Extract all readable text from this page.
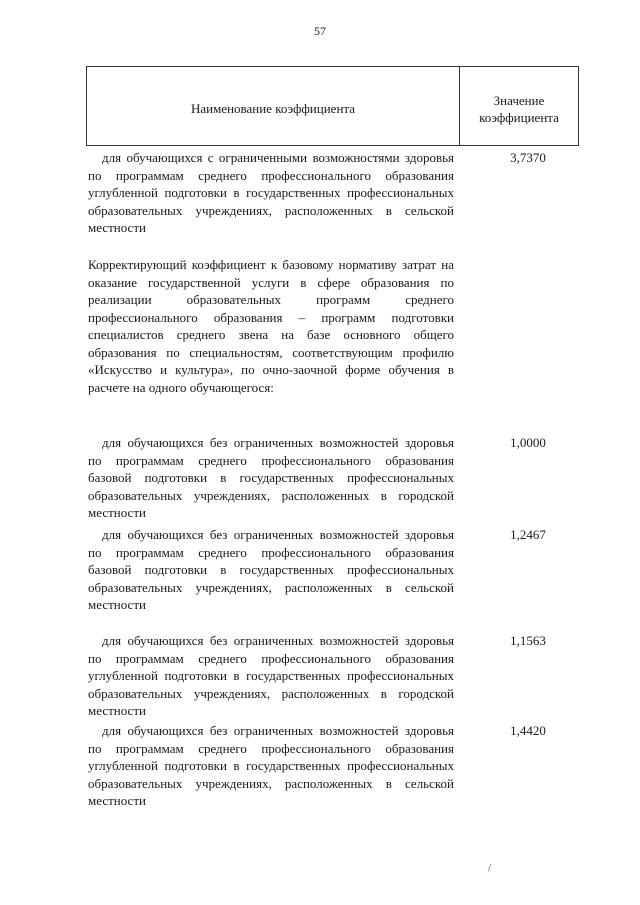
57
Наименование коэффициента
Значение
коэффициента
для обучающихся с ограниченными возможностями здоровья по программам среднего профессионального образования углубленной подготовки в государственных профессиональных образовательных учреждениях, расположенных в сельской местности
3,7370
Корректирующий коэффициент к базовому нормативу затрат на оказание государственной услуги в сфере образования по реализации образовательных программ среднего профессионального образования – программ подготовки специалистов среднего звена на базе основного общего образования по специальностям, соответствующим профилю «Искусство и культура», по очно-заочной форме обучения в расчете на одного обучающегося:
для обучающихся без ограниченных возможностей здоровья по программам среднего профессионального образования базовой подготовки в государственных профессиональных образовательных учреждениях, расположенных в городской местности
1,0000
для обучающихся без ограниченных возможностей здоровья по программам среднего профессионального образования базовой подготовки в государственных профессиональных образовательных учреждениях, расположенных в сельской местности
1,2467
для обучающихся без ограниченных возможностей здоровья по программам среднего профессионального образования углубленной подготовки в государственных профессиональных образовательных учреждениях, расположенных в городской местности
1,1563
для обучающихся без ограниченных возможностей здоровья по программам среднего профессионального образования углубленной подготовки в государственных профессиональных образовательных учреждениях, расположенных в сельской местности
1,4420
/
